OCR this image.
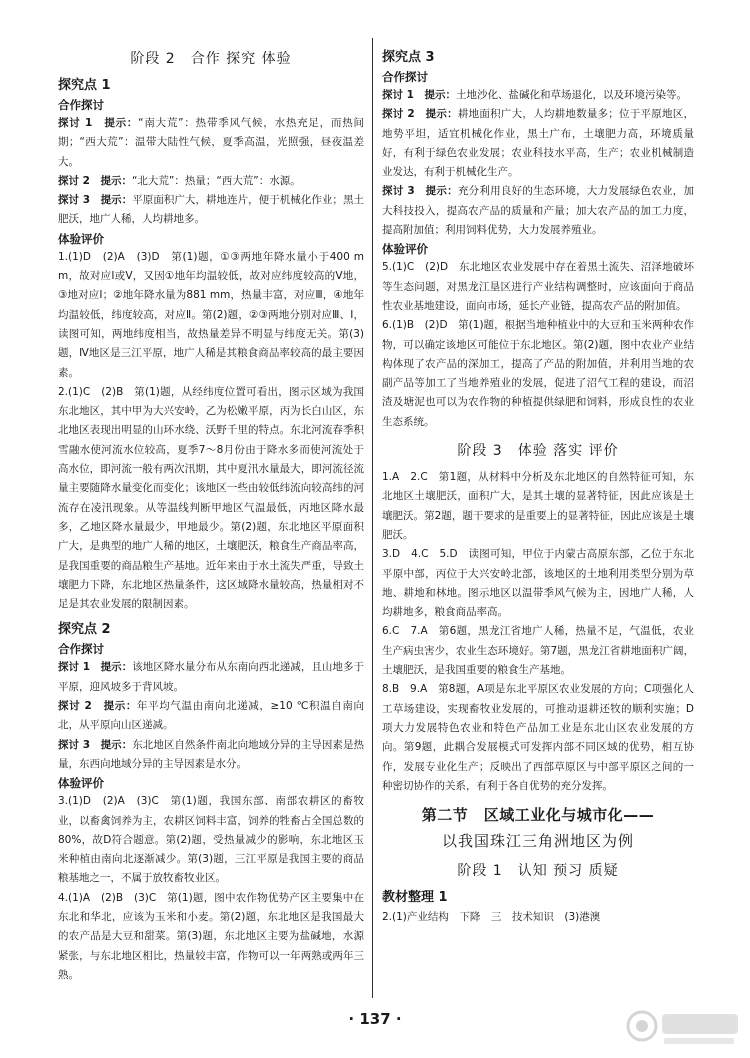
阶段 2　合作 探究 体验
探究点 1
合作探讨

探讨 1　提示：“南大荒”：热带季风气候，水热充足，而热间期；“西大荒”：温带大陆性气候，夏季高温，光照强，昼夜温差大。

探讨 2　提示：“北大荒”：热量；“西大荒”：水源。

探讨 3　提示：平原面积广大，耕地连片，便于机械化作业；黑土肥沃，地广人稀，人均耕地多。

体验评价

1.(1)D　(2)A　(3)D　第(1)题，①③两地年降水量小于400 mm，故对应Ⅰ或Ⅴ，又因①地年均温较低，故对应纬度较高的Ⅴ地，③地对应Ⅰ；②地年降水量为881 mm，热量丰富，对应Ⅲ，④地年均温较低，纬度较高，对应Ⅱ。第(2)题，②③两地分别对应Ⅲ、Ⅰ，读图可知，两地纬度相当，故热量差异不明显与纬度无关。第(3)题，Ⅳ地区是三江平原，地广人稀是其粮食商品率较高的最主要因素。

2.(1)C　(2)B　第(1)题，从经纬度位置可看出，图示区域为我国东北地区，其中甲为大兴安岭，乙为松嫩平原，丙为长白山区，东北地区表现出明显的山环水绕、沃野千里的特点。东北河流春季积雪融水使河流水位较高，夏季7～8月份由于降水多而使河流处于高水位，即河流一般有两次汛期，其中夏汛水量最大，即河流径流量主要随降水量变化而变化；该地区一些由较低纬流向较高纬的河流存在凌汛现象。从等温线判断甲地区气温最低，丙地区降水最多，乙地区降水量最少，甲地最少。第(2)题，东北地区平原面积广大，是典型的地广人稀的地区，土壤肥沃，粮食生产商品率高，是我国重要的商品粮生产基地。近年来由于水土流失严重，导致土壤肥力下降，东北地区热量条件，这区域降水量较高，热量相对不足是其农业发展的限制因素。

探究点 2
合作探讨

探讨 1　提示：该地区降水量分布从东南向西北递减，且山地多于平原，迎风坡多于背风坡。

探讨 2　提示：年平均气温由南向北递减，≥10 ℃积温自南向北，从平原向山区递减。

探讨 3　提示：东北地区自然条件南北向地域分异的主导因素是热量，东西向地域分异的主导因素是水分。

体验评价

3.(1)D　(2)A　(3)C　第(1)题，我国东部、南部农耕区的畜牧业，以畜禽饲养为主，农耕区饲料丰富，饲养的牲畜占全国总数的80%，故D符合题意。第(2)题，受热量减少的影响，东北地区玉米种植由南向北逐渐减少。第(3)题，三江平原是我国主要的商品粮基地之一，不属于放牧畜牧业区。

4.(1)A　(2)B　(3)C　第(1)题，图中农作物优势产区主要集中在东北和华北，应该为玉米和小麦。第(2)题，东北地区是我国最大的农产品是大豆和甜菜。第(3)题，东北地区主要为盐碱地，水源紧张，与东北地区相比，热量较丰富，作物可以一年两熟或两年三熟。

探究点 3
合作探讨

探讨 1　提示：土地沙化、盐碱化和草场退化，以及环境污染等。

探讨 2　提示：耕地面积广大，人均耕地数量多；位于平原地区，地势平坦，适宜机械化作业，黑土广布，土壤肥力高，环境质量好，有利于绿色农业发展；农业科技水平高，生产；农业机械制造业发达，有利于机械化生产。

探讨 3　提示：充分利用良好的生态环境，大力发展绿色农业，加大科技投入，提高农产品的质量和产量；加大农产品的加工力度，提高附加值；利用饲料优势，大力发展养殖业。

体验评价

5.(1)C　(2)D　东北地区农业发展中存在着黑土流失、沼泽地破坏等生态问题，对黑龙江垦区进行产业结构调整时，应该面向于商品性农业基地建设，面向市场，延长产业链，提高农产品的附加值。

6.(1)B　(2)D　第(1)题，根据当地种植业中的大豆和玉米两种农作物，可以确定该地区可能位于东北地区。第(2)题，图中农业产业结构体现了农产品的深加工，提高了产品的附加值，并利用当地的农副产品等加工了当地养殖业的发展，促进了沼气工程的建设，而沼渣及塘泥也可以为农作物的种植提供绿肥和饲料，形成良性的农业生态系统。

阶段 3　体验 落实 评价

1.A　2.C　第1题，从材料中分析及东北地区的自然特征可知，东北地区土壤肥沃，面积广大，是其土壤的显著特征，因此应该是土壤肥沃。第2题，题干要求的是重要上的显著特征，因此应该是土壤肥沃。

3.D　4.C　5.D　读图可知，甲位于内蒙古高原东部，乙位于东北平原中部，丙位于大兴安岭北部，该地区的土地利用类型分别为草地、耕地和林地。图示地区以温带季风气候为主，因地广人稀，人均耕地多，粮食商品率高。

6.C　7.A　第6题，黑龙江省地广人稀，热量不足，气温低，农业生产病虫害少，农业生态环境好。第7题，黑龙江省耕地面积广阔，土壤肥沃，是我国重要的粮食生产基地。

8.B　9.A　第8题，A项是东北平原区农业发展的方向；C项强化人工草场建设，实现畜牧业发展的，可推动退耕还牧的顺利实施；D项大力发展特色农业和特色产品加工业是东北山区农业发展的方向。第9题，此耦合发展模式可发挥内部不同区域的优势，相互协作，发展专业化生产；反映出了西部草原区与中部平原区之间的一种密切协作的关系，有利于各自优势的充分发挥。

第二节　区域工业化与城市化——
以我国珠江三角洲地区为例
阶段 1　认知 预习 质疑
教材整理 1

2.(1)产业结构　下降　三　技术知识　(3)港澳

· 137 ·
